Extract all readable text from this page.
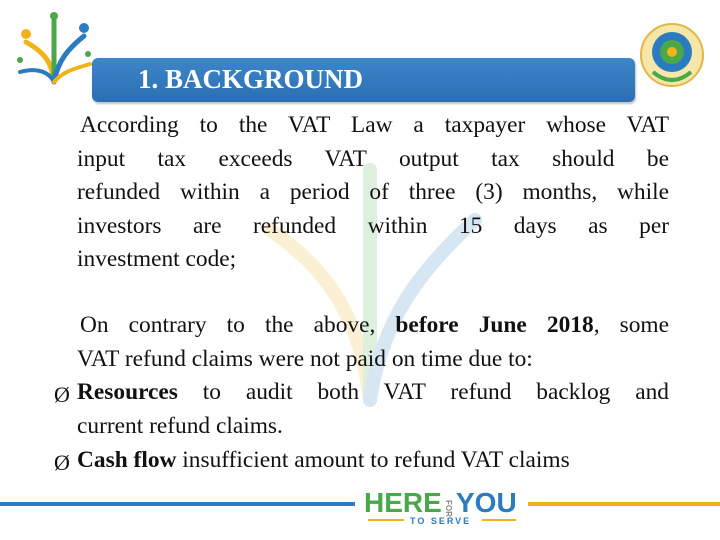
1. BACKGROUND
According to the VAT Law a taxpayer whose VAT
input tax exceeds VAT output tax should be
refunded within a period of three (3) months, while
investors are refunded within 15 days as per
investment code;
On contrary to the above, before June 2018, some
VAT refund claims were not paid on time due to:
Ø Resources to audit both VAT refund backlog and
current refund claims.
Ø Cash flow insufficient amount to refund VAT claims
HERE FOR YOU
TO SERVE
